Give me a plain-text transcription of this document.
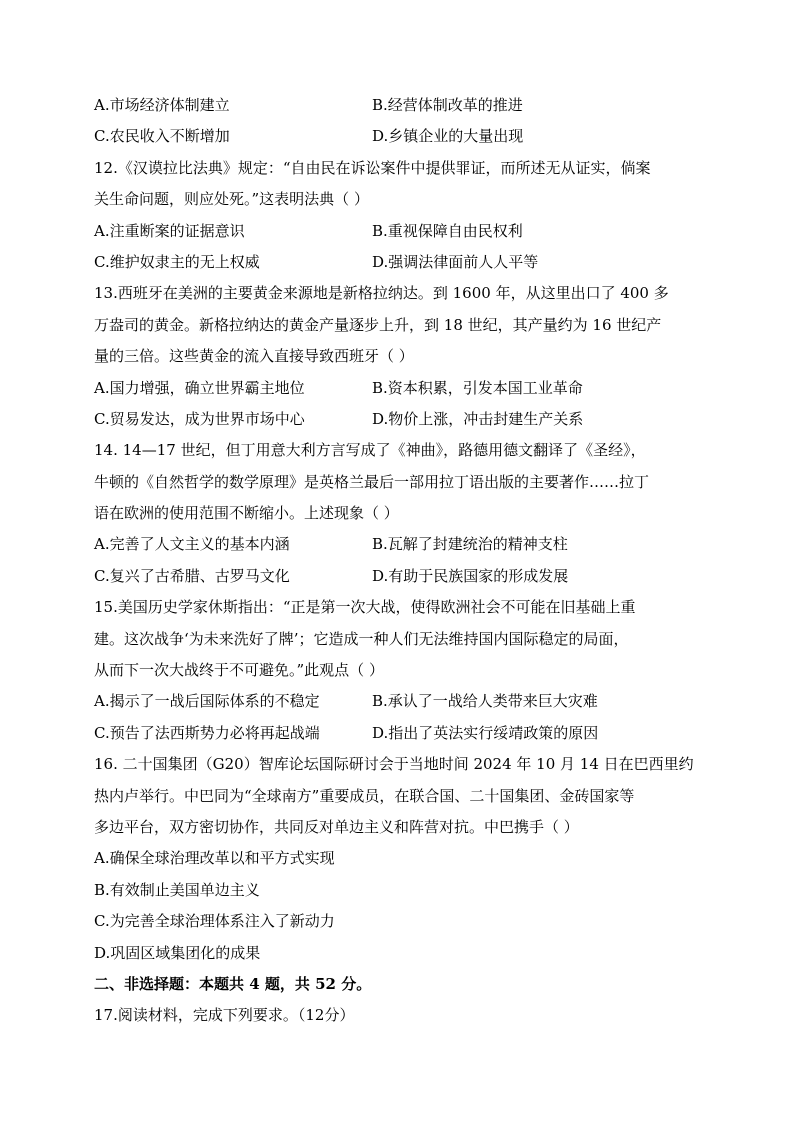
A.市场经济体制建立	B.经营体制改革的推进
C.农民收入不断增加	D.乡镇企业的大量出现
12.《汉谟拉比法典》规定：“自由民在诉讼案件中提供罪证，而所述无从证实，倘案
关生命问题，则应处死。”这表明法典（ ）
A.注重断案的证据意识	B.重视保障自由民权利
C.维护奴隶主的无上权威	D.强调法律面前人人平等
13.西班牙在美洲的主要黄金来源地是新格拉纳达。到 1600 年，从这里出口了 400 多
万盎司的黄金。新格拉纳达的黄金产量逐步上升，到 18 世纪，其产量约为 16 世纪产
量的三倍。这些黄金的流入直接导致西班牙（ ）
A.国力增强，确立世界霸主地位	B.资本积累，引发本国工业革命
C.贸易发达，成为世界市场中心	D.物价上涨，冲击封建生产关系
14. 14—17 世纪，但丁用意大利方言写成了《神曲》，路德用德文翻译了《圣经》，
牛顿的《自然哲学的数学原理》是英格兰最后一部用拉丁语出版的主要著作……拉丁
语在欧洲的使用范围不断缩小。上述现象（ ）
A.完善了人文主义的基本内涵	B.瓦解了封建统治的精神支柱
C.复兴了古希腊、古罗马文化	D.有助于民族国家的形成发展
15.美国历史学家休斯指出：“正是第一次大战，使得欧洲社会不可能在旧基础上重
建。这次战争‘为未来洗好了牌’；它造成一种人们无法维持国内国际稳定的局面，
从而下一次大战终于不可避免。”此观点（ ）
A.揭示了一战后国际体系的不稳定	B.承认了一战给人类带来巨大灾难
C.预告了法西斯势力必将再起战端	D.指出了英法实行绥靖政策的原因
16. 二十国集团（G20）智库论坛国际研讨会于当地时间 2024 年 10 月 14 日在巴西里约
热内卢举行。中巴同为“全球南方”重要成员，在联合国、二十国集团、金砖国家等
多边平台，双方密切协作，共同反对单边主义和阵营对抗。中巴携手（ ）
A.确保全球治理改革以和平方式实现
B.有效制止美国单边主义
C.为完善全球治理体系注入了新动力
D.巩固区域集团化的成果
二、非选择题：本题共 4 题，共 52 分。
17.阅读材料，完成下列要求。（12分）
